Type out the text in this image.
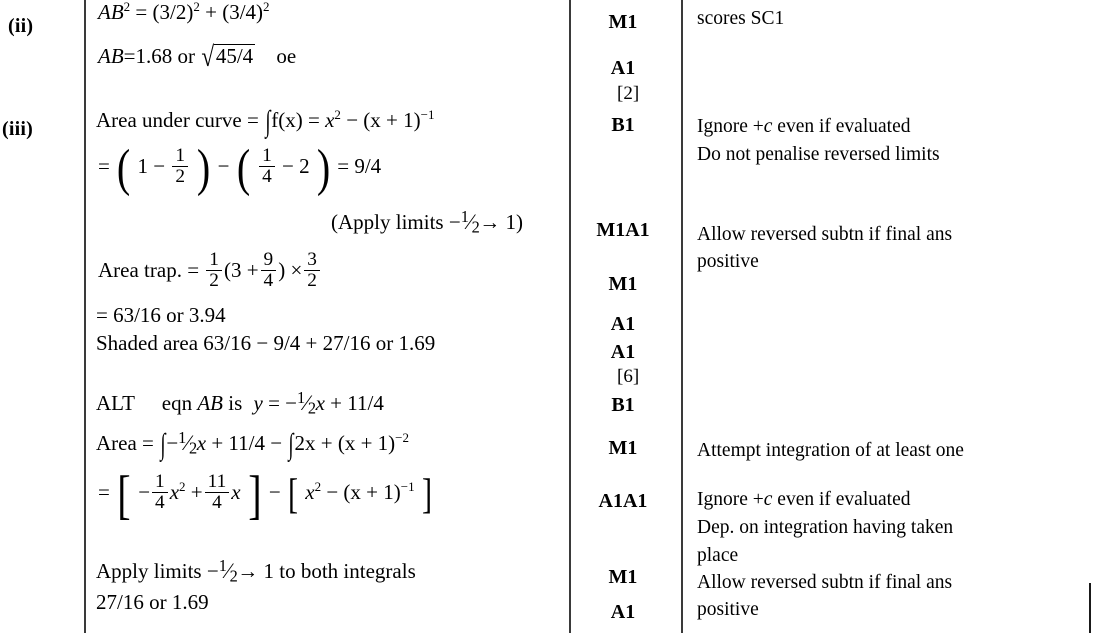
(ii)
(iii)
$AB^2 = (3/2)^2 + (3/4)^2$
AB=1.68 or √45/4 oe
Area under curve = $\int f(x) = x^2 - (x + 1)^{-1}$
= ( $1 - \frac{1}{2}$ ) − ( $\frac{1}{4} - 2$ ) = 9/4
(Apply limits −$^1$⁄2→ 1)
Area trap. = $\frac{1}{2} (3 + \frac{9}{4}$ ) × $\frac{3}{2}$
= 63/16 or 3.94
Shaded area 63/16 − 9/4 + 27/16 or 1.69
ALT eqn AB is y = −$^1$⁄2x + 11/4
Area = ∫−$^1$⁄2x + $11/4 - \int 2x + (x + 1)^{-2}$
= [ − $\frac{1}{4} x^2 + \frac{11}{4}$ x ] − [ $x^2 - (x + 1)^{-1}$ ]
Apply limits −$^1$⁄2→ 1 to both integrals
27/16 or 1.69
M1
A1
[2]
B1
M1A1
M1
A1
A1
[6]
B1
M1
A1A1
M1
A1
scores SC1
Ignore +c even if evaluated
Do not penalise reversed limits
Allow reversed subtn if final ans
positive
Attempt integration of at least one
Ignore +c even if evaluated
Dep. on integration having taken
place
Allow reversed subtn if final ans
positive
